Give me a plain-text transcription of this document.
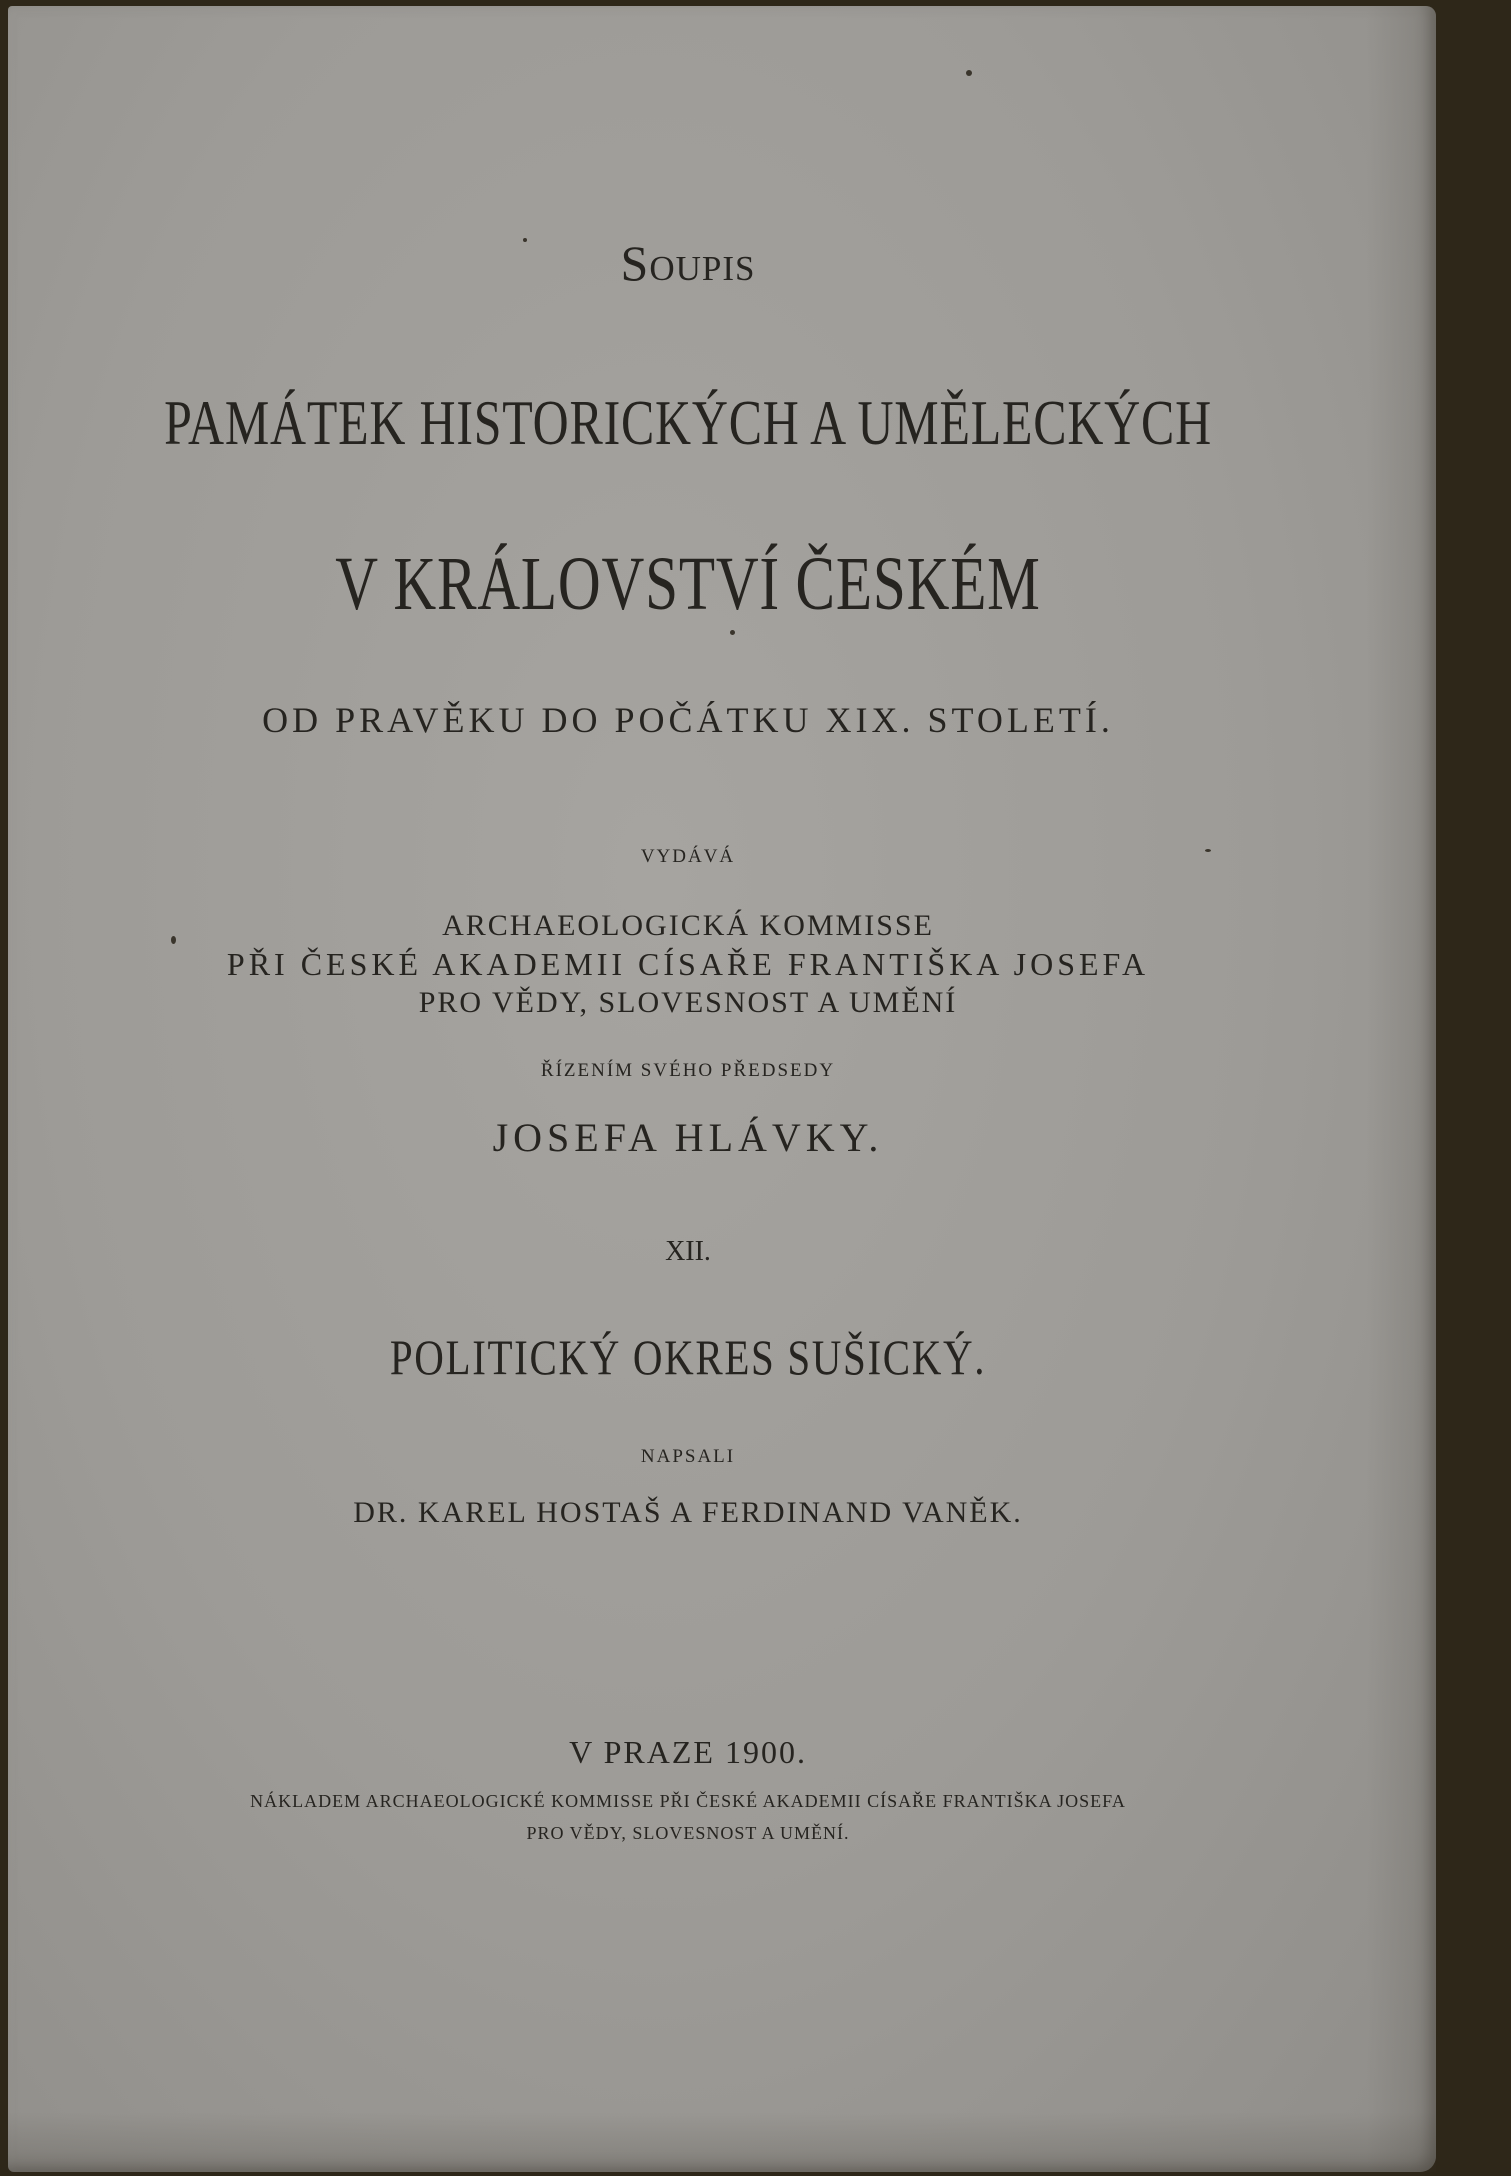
Soupis
PAMÁTEK HISTORICKÝCH A UMĚLECKÝCH
V KRÁLOVSTVÍ ČESKÉM
OD PRAVĚKU DO POČÁTKU XIX. STOLETÍ.
VYDÁVÁ
ARCHAEOLOGICKÁ KOMMISSE
PŘI ČESKÉ AKADEMII CÍSAŘE FRANTIŠKA JOSEFA
PRO VĚDY, SLOVESNOST A UMĚNÍ
ŘÍZENÍM SVÉHO PŘEDSEDY
JOSEFA HLÁVKY.
XII.
POLITICKÝ OKRES SUŠICKÝ.
NAPSALI
DR. KAREL HOSTAŠ A FERDINAND VANĚK.
V PRAZE 1900.
NÁKLADEM ARCHAEOLOGICKÉ KOMMISSE PŘI ČESKÉ AKADEMII CÍSAŘE FRANTIŠKA JOSEFA
PRO VĚDY, SLOVESNOST A UMĚNÍ.
